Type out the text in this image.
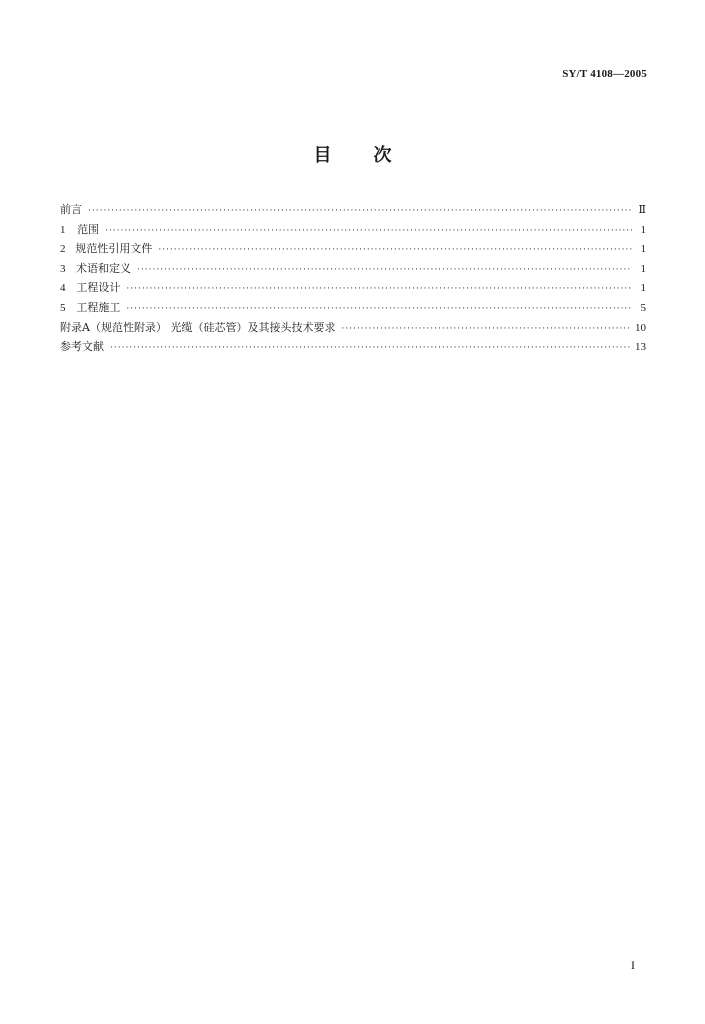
SY/T 4108—2005
目 次
前言 ·····	Ⅱ
1	范围 ·····	1
2 规范性引用文件 ·····	1
3 术语和定义 ·····	1
4 工程设计 ·····	1
5 工程施工 ·····	5
附录A（规范性附录） 光缆（硅芯管）及其接头技术要求 ·····	10
参考文献 ·····	13
I
